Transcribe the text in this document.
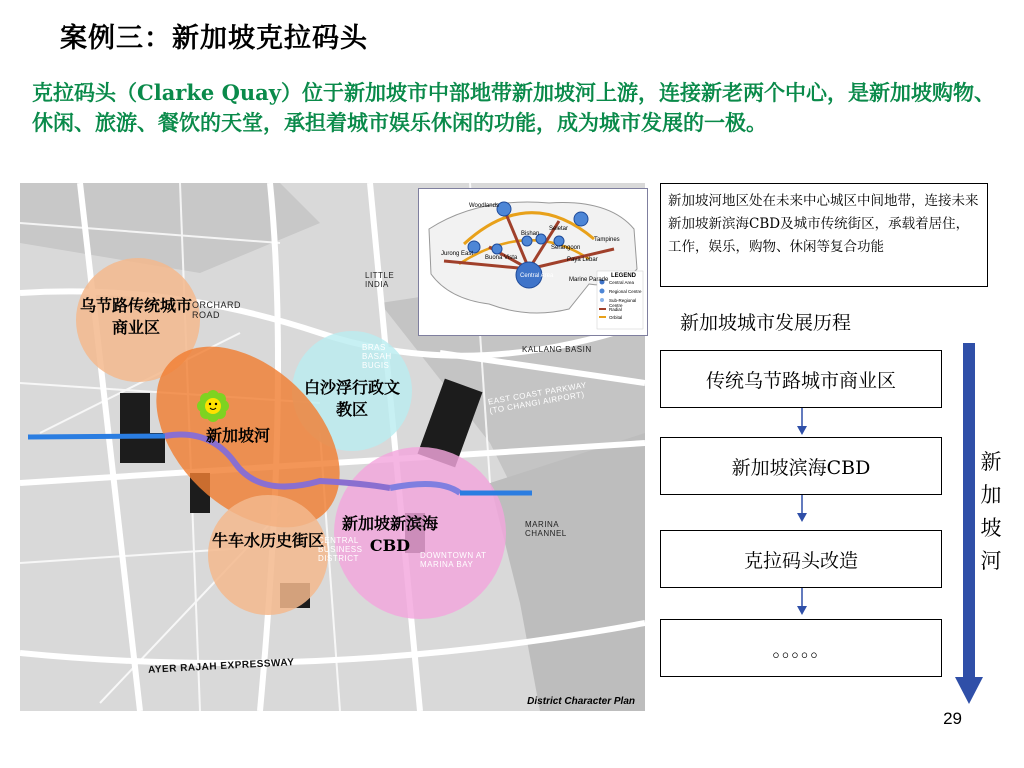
案例三：新加坡克拉码头
克拉码头（Clarke Quay）位于新加坡市中部地带新加坡河上游，连接新老两个中心，是新加坡购物、休闲、旅游、餐饮的天堂，承担着城市娱乐休闲的功能，成为城市发展的一极。
LITTLE INDIA
ORCHARD ROAD
BRAS BASAH BUGIS
KALLANG BASIN
EAST COAST PARKWAY (TO CHANGI AIRPORT)
MARINA CHANNEL
CENTRAL BUSINESS DISTRICT	DOWNTOWN AT MARINA BAY
AYER RAJAH EXPRESSWAY
乌节路传统城市商业区
白沙浮行政文教区
新加坡河
牛车水历史街区
新加坡新滨海CBD
District Character Plan
Woodlands
Jurong East
Tampines
Seletar
Buona Vista
Serangoon
Paya Lebar
Marine Parade
Bishan
Central Area	LEGEND
Central Area
Regional Centre
Sub-Regional Centre
Radial
Orbital
新加坡河地区处在未来中心城区中间地带，连接未来新加坡新滨海CBD及城市传统街区，承载着居住，工作，娱乐，购物、休闲等复合功能
新加坡城市发展历程
传统乌节路城市商业区
新加坡滨海CBD
克拉码头改造
。。。。。
新
加
坡
河
29
